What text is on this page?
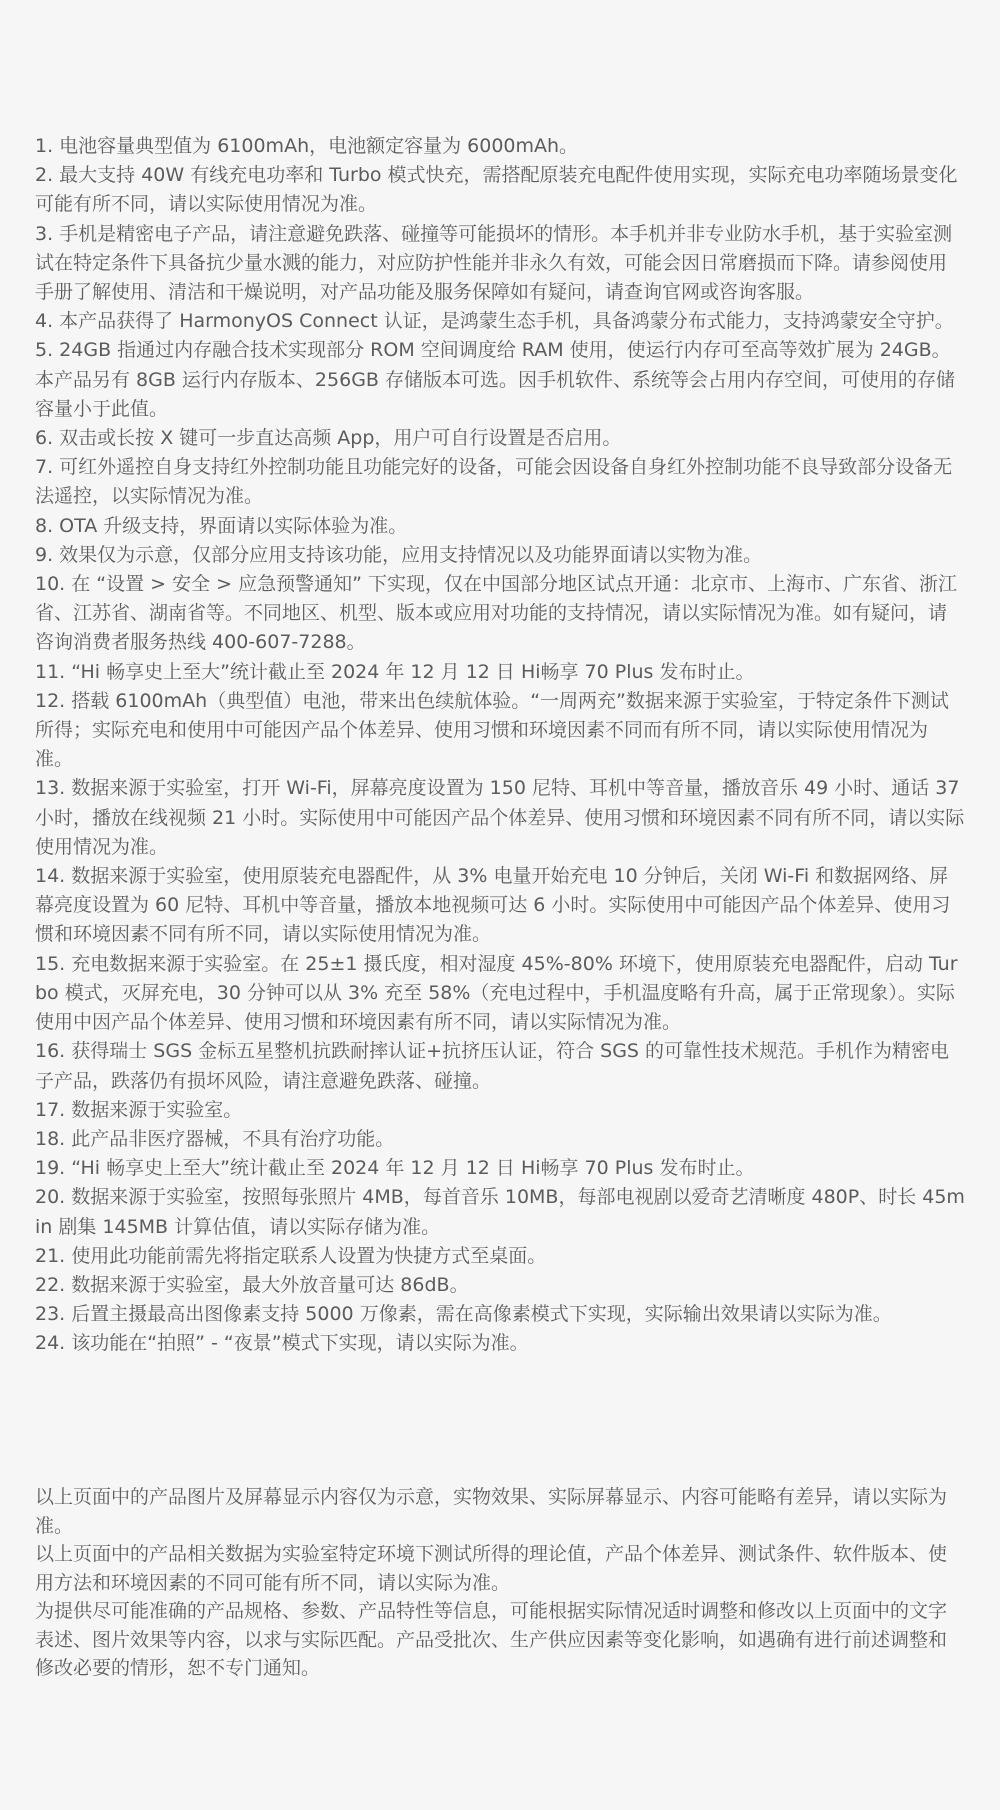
1. 电池容量典型值为 6100mAh，电池额定容量为 6000mAh。
2. 最大支持 40W 有线充电功率和 Turbo 模式快充，需搭配原装充电配件使用实现，实际充电功率随场景变化可能有所不同，请以实际使用情况为准。
3. 手机是精密电子产品，请注意避免跌落、碰撞等可能损坏的情形。本手机并非专业防水手机，基于实验室测试在特定条件下具备抗少量水溅的能力，对应防护性能并非永久有效，可能会因日常磨损而下降。请参阅使用手册了解使用、清洁和干燥说明，对产品功能及服务保障如有疑问，请查询官网或咨询客服。
4. 本产品获得了 HarmonyOS Connect 认证，是鸿蒙生态手机，具备鸿蒙分布式能力，支持鸿蒙安全守护。
5. 24GB 指通过内存融合技术实现部分 ROM 空间调度给 RAM 使用，使运行内存可至高等效扩展为 24GB。本产品另有 8GB 运行内存版本、256GB 存储版本可选。因手机软件、系统等会占用内存空间，可使用的存储容量小于此值。
6. 双击或长按 X 键可一步直达高频 App，用户可自行设置是否启用。
7. 可红外遥控自身支持红外控制功能且功能完好的设备，可能会因设备自身红外控制功能不良导致部分设备无法遥控，以实际情况为准。
8. OTA 升级支持，界面请以实际体验为准。
9. 效果仅为示意，仅部分应用支持该功能，应用支持情况以及功能界面请以实物为准。
10. 在 “设置 > 安全 > 应急预警通知” 下实现，仅在中国部分地区试点开通：北京市、上海市、广东省、浙江省、江苏省、湖南省等。不同地区、机型、版本或应用对功能的支持情况，请以实际情况为准。如有疑问，请咨询消费者服务热线 400-607-7288。
11. “Hi 畅享史上至大”统计截止至 2024 年 12 月 12 日 Hi畅享 70 Plus 发布时止。
12. 搭载 6100mAh（典型值）电池，带来出色续航体验。“一周两充”数据来源于实验室，于特定条件下测试所得；实际充电和使用中可能因产品个体差异、使用习惯和环境因素不同而有所不同，请以实际使用情况为准。
13. 数据来源于实验室，打开 Wi-Fi，屏幕亮度设置为 150 尼特、耳机中等音量，播放音乐 49 小时、通话 37 小时，播放在线视频 21 小时。实际使用中可能因产品个体差异、使用习惯和环境因素不同有所不同，请以实际使用情况为准。
14. 数据来源于实验室，使用原装充电器配件，从 3% 电量开始充电 10 分钟后，关闭 Wi-Fi 和数据网络、屏幕亮度设置为 60 尼特、耳机中等音量，播放本地视频可达 6 小时。实际使用中可能因产品个体差异、使用习惯和环境因素不同有所不同，请以实际使用情况为准。
15. 充电数据来源于实验室。在 25±1 摄氏度，相对湿度 45%-80% 环境下，使用原装充电器配件，启动 Turbo 模式，灭屏充电，30 分钟可以从 3% 充至 58%（充电过程中，手机温度略有升高，属于正常现象）。实际使用中因产品个体差异、使用习惯和环境因素有所不同，请以实际情况为准。
16. 获得瑞士 SGS 金标五星整机抗跌耐摔认证+抗挤压认证，符合 SGS 的可靠性技术规范。手机作为精密电子产品，跌落仍有损坏风险，请注意避免跌落、碰撞。
17. 数据来源于实验室。
18. 此产品非医疗器械，不具有治疗功能。
19. “Hi 畅享史上至大”统计截止至 2024 年 12 月 12 日 Hi畅享 70 Plus 发布时止。
20. 数据来源于实验室，按照每张照片 4MB，每首音乐 10MB，每部电视剧以爱奇艺清晰度 480P、时长 45min 剧集 145MB 计算估值，请以实际存储为准。
21. 使用此功能前需先将指定联系人设置为快捷方式至桌面。
22. 数据来源于实验室，最大外放音量可达 86dB。
23. 后置主摄最高出图像素支持 5000 万像素，需在高像素模式下实现，实际输出效果请以实际为准。
24. 该功能在“拍照” - “夜景”模式下实现，请以实际为准。

以上页面中的产品图片及屏幕显示内容仅为示意，实物效果、实际屏幕显示、内容可能略有差异，请以实际为准。

以上页面中的产品相关数据为实验室特定环境下测试所得的理论值，产品个体差异、测试条件、软件版本、使用方法和环境因素的不同可能有所不同，请以实际为准。

为提供尽可能准确的产品规格、参数、产品特性等信息，可能根据实际情况适时调整和修改以上页面中的文字表述、图片效果等内容，以求与实际匹配。产品受批次、生产供应因素等变化影响，如遇确有进行前述调整和修改必要的情形，恕不专门通知。
